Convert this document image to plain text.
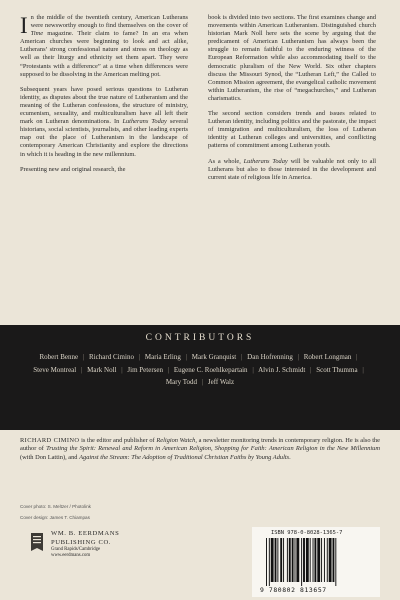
In the middle of the twentieth century, American Lutherans were newsworthy enough to find themselves on the cover of Time magazine. Their claim to fame? In an era when American churches were beginning to look and act alike, Lutherans’ strong confessional nature and stress on theology as well as their liturgy and ethnicity set them apart. They were “Protestants with a difference” at a time when differences were supposed to be dissolving in the American melting pot.

Subsequent years have posed serious questions to Lutheran identity, as disputes about the true nature of Lutheranism and the meaning of the Lutheran confessions, the structure of ministry, ecumenism, sexuality, and multiculturalism have all left their mark on Lutheran denominations. In Lutherans Today several historians, social scientists, journalists, and other leading experts map out the place of Lutheranism in the landscape of contemporary American Christianity and explore the directions in which it is heading in the new millennium.

Presenting new and original research, the

book is divided into two sections. The first examines change and movements within American Lutheranism. Distinguished church historian Mark Noll here sets the scene by arguing that the predicament of American Lutheranism has always been the struggle to remain faithful to the enduring witness of the European Reformation while also accommodating itself to the democratic pluralism of the New World. Six other chapters discuss the Missouri Synod, the “Lutheran Left,” the Called to Common Mission agreement, the evangelical catholic movement within Lutheranism, the rise of “megachurches,” and Lutheran charismatics.

The second section considers trends and issues related to Lutheran identity, including politics and the pastorate, the impact of immigration and multiculturalism, the loss of Lutheran identity at Lutheran colleges and universities, and conflicting patterns of commitment among Lutheran youth.

As a whole, Lutherans Today will be valuable not only to all Lutherans but also to those interested in the development and current state of religious life in America.

CONTRIBUTORS
Robert Benne | Richard Cimino | Maria Erling | Mark Granquist | Dan Hofrenning | Robert Longman | Steve Montreal | Mark Noll | Jim Petersen | Eugene C. Roehlkepartain | Alvin J. Schmidt | Scott Thumma | Mary Todd | Jeff Walz
RICHARD CIMINO is the editor and publisher of Religion Watch, a newsletter monitoring trends in contemporary religion. He is also the author of Trusting the Spirit: Renewal and Reform in American Religion, Shopping for Faith: American Religion in the New Millennium (with Don Lattin), and Against the Stream: The Adoption of Traditional Christian Faiths by Young Adults.
Cover photo: S. Meltzer / Photolink
Cover design: James T. Chiampas
WM. B. EERDMANS
PUBLISHING CO.
Grand Rapids/Cambridge
www.eerdmans.com
ISBN 978-0-8028-1365-7
9 780802 813657
